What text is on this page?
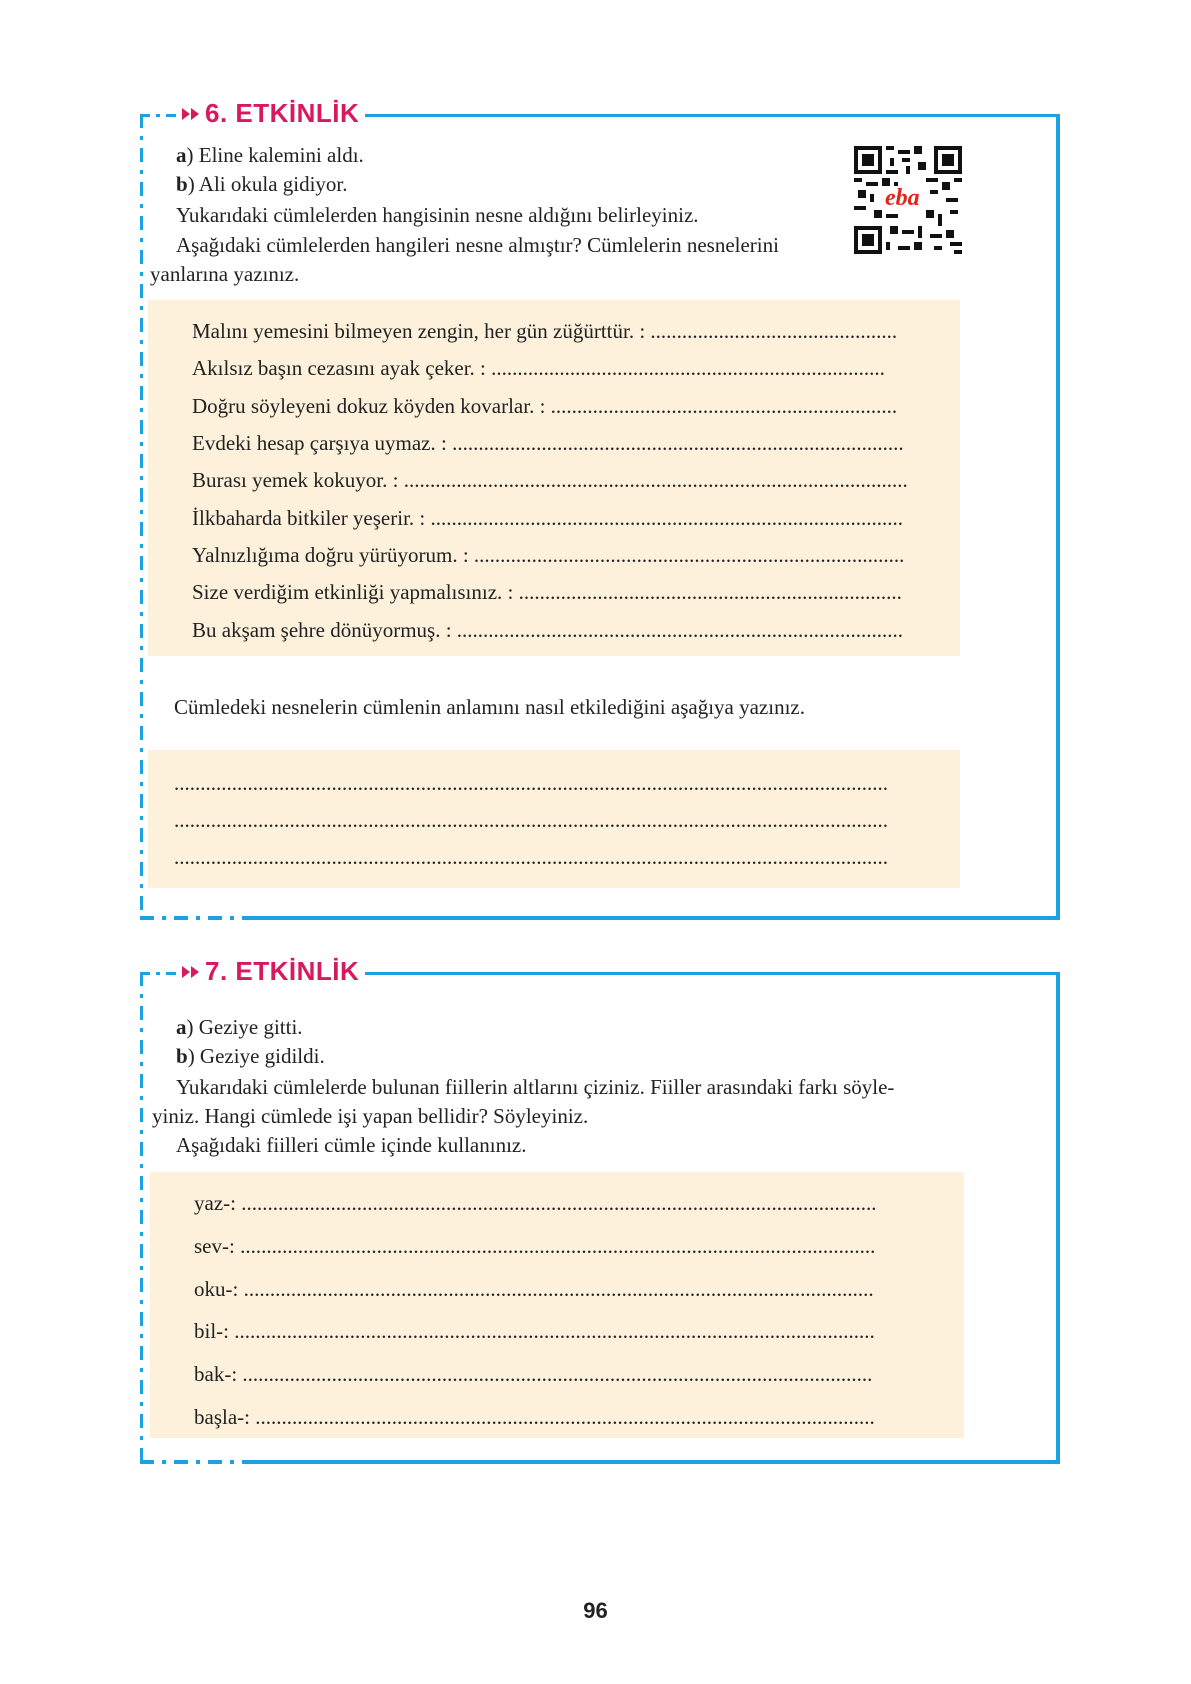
6. ETKİNLİK
a) Eline kalemini aldı.
b) Ali okula gidiyor.
Yukarıdaki cümlelerden hangisinin nesne aldığını belirleyiniz.
Aşağıdaki cümlelerden hangileri nesne almıştır? Cümlelerin nesnelerini
yanlarına yazınız.
eba
Malını yemesini bilmeyen zengin, her gün züğürttür. : ...............................................
Akılsız başın cezasını ayak çeker. : ...........................................................................
Doğru söyleyeni dokuz köyden kovarlar. : ..................................................................
Evdeki hesap çarşıya uymaz. : ......................................................................................
Burası yemek kokuyor. : ................................................................................................
İlkbaharda bitkiler yeşerir. : ..........................................................................................
Yalnızlığıma doğru yürüyorum. : ..................................................................................
Size verdiğim etkinliği yapmalısınız. : .........................................................................
Bu akşam şehre dönüyormuş. : .....................................................................................
Cümledeki nesnelerin cümlenin anlamını nasıl etkilediğini aşağıya yazınız.
........................................................................................................................................
........................................................................................................................................
........................................................................................................................................
7. ETKİNLİK
a) Geziye gitti.
b) Geziye gidildi.
Yukarıdaki cümlelerde bulunan fiillerin altlarını çiziniz. Fiiller arasındaki farkı söyle-
yiniz. Hangi cümlede işi yapan bellidir? Söyleyiniz.
Aşağıdaki fiilleri cümle içinde kullanınız.
yaz-: .........................................................................................................................
sev-: .........................................................................................................................
oku-: ........................................................................................................................
bil-: ..........................................................................................................................
bak-: ........................................................................................................................
başla-: ......................................................................................................................
96
